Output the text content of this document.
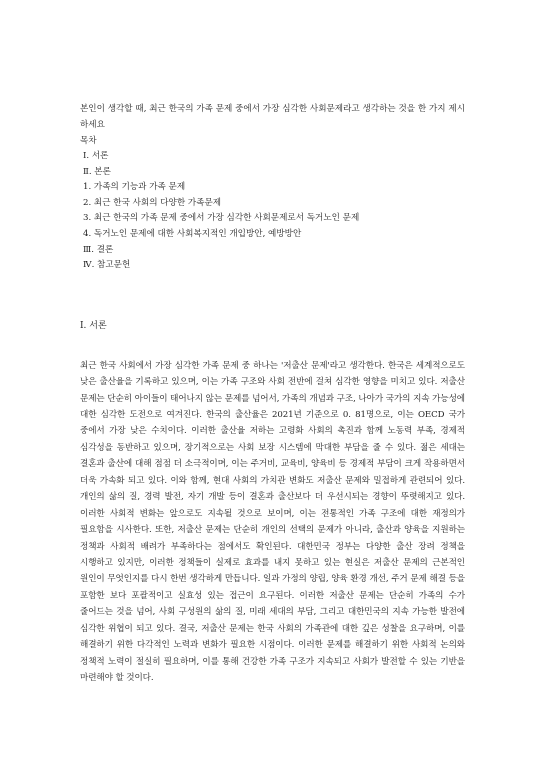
본인이 생각할 때, 최근 한국의 가족 문제 중에서 가장 심각한 사회문제라고 생각하는 것을 한 가지 제시하세요

목차
Ⅰ. 서론
Ⅱ. 본론
1. 가족의 기능과 가족 문제
2. 최근 한국 사회의 다양한 가족문제
3. 최근 한국의 가족 문제 중에서 가장 심각한 사회문제로서 독거노인 문제
4. 독거노인 문제에 대한 사회복지적인 개입방안, 예방방안
Ⅲ. 결론
Ⅳ. 참고문헌
Ⅰ. 서론

최근 한국 사회에서 가장 심각한 가족 문제 중 하나는 '저출산 문제'라고 생각한다. 한국은 세계적으로도 낮은 출산율을 기록하고 있으며, 이는 가족 구조와 사회 전반에 걸쳐 심각한 영향을 미치고 있다. 저출산 문제는 단순히 아이들이 태어나지 않는 문제를 넘어서, 가족의 개념과 구조, 나아가 국가의 지속 가능성에 대한 심각한 도전으로 여겨진다. 한국의 출산율은 2021년 기준으로 0. 81명으로, 이는 OECD 국가 중에서 가장 낮은 수치이다. 이러한 출산율 저하는 고령화 사회의 촉진과 함께 노동력 부족, 경제적 심각성을 동반하고 있으며, 장기적으로는 사회 보장 시스템에 막대한 부담을 줄 수 있다. 젊은 세대는 결혼과 출산에 대해 점점 더 소극적이며, 이는 주거비, 교육비, 양육비 등 경제적 부담이 크게 작용하면서 더욱 가속화 되고 있다. 이와 함께, 현대 사회의 가치관 변화도 저출산 문제와 밀접하게 관련되어 있다. 개인의 삶의 질, 경력 발전, 자기 개발 등이 결혼과 출산보다 더 우선시되는 경향이 뚜렷해지고 있다. 이러한 사회적 변화는 앞으로도 지속될 것으로 보이며, 이는 전통적인 가족 구조에 대한 재정의가 필요함을 시사한다. 또한, 저출산 문제는 단순히 개인의 선택의 문제가 아니라, 출산과 양육을 지원하는 정책과 사회적 배려가 부족하다는 점에서도 확인된다. 대한민국 정부는 다양한 출산 장려 정책을 시행하고 있지만, 이러한 정책들이 실제로 효과를 내지 못하고 있는 현실은 저출산 문제의 근본적인 원인이 무엇인지를 다시 한번 생각하게 만듭니다. 일과 가정의 양립, 양육 환경 개선, 주거 문제 해결 등을 포함한 보다 포괄적이고 실효성 있는 접근이 요구된다. 이러한 저출산 문제는 단순히 가족의 수가 줄어드는 것을 넘어, 사회 구성원의 삶의 질, 미래 세대의 부담, 그리고 대한민국의 지속 가능한 발전에 심각한 위협이 되고 있다. 결국, 저출산 문제는 한국 사회의 가족관에 대한 깊은 성찰을 요구하며, 이를 해결하기 위한 다각적인 노력과 변화가 필요한 시점이다. 이러한 문제를 해결하기 위한 사회적 논의와 정책적 노력이 절실히 필요하며, 이를 통해 건강한 가족 구조가 지속되고 사회가 발전할 수 있는 기반을 마련해야 할 것이다.
